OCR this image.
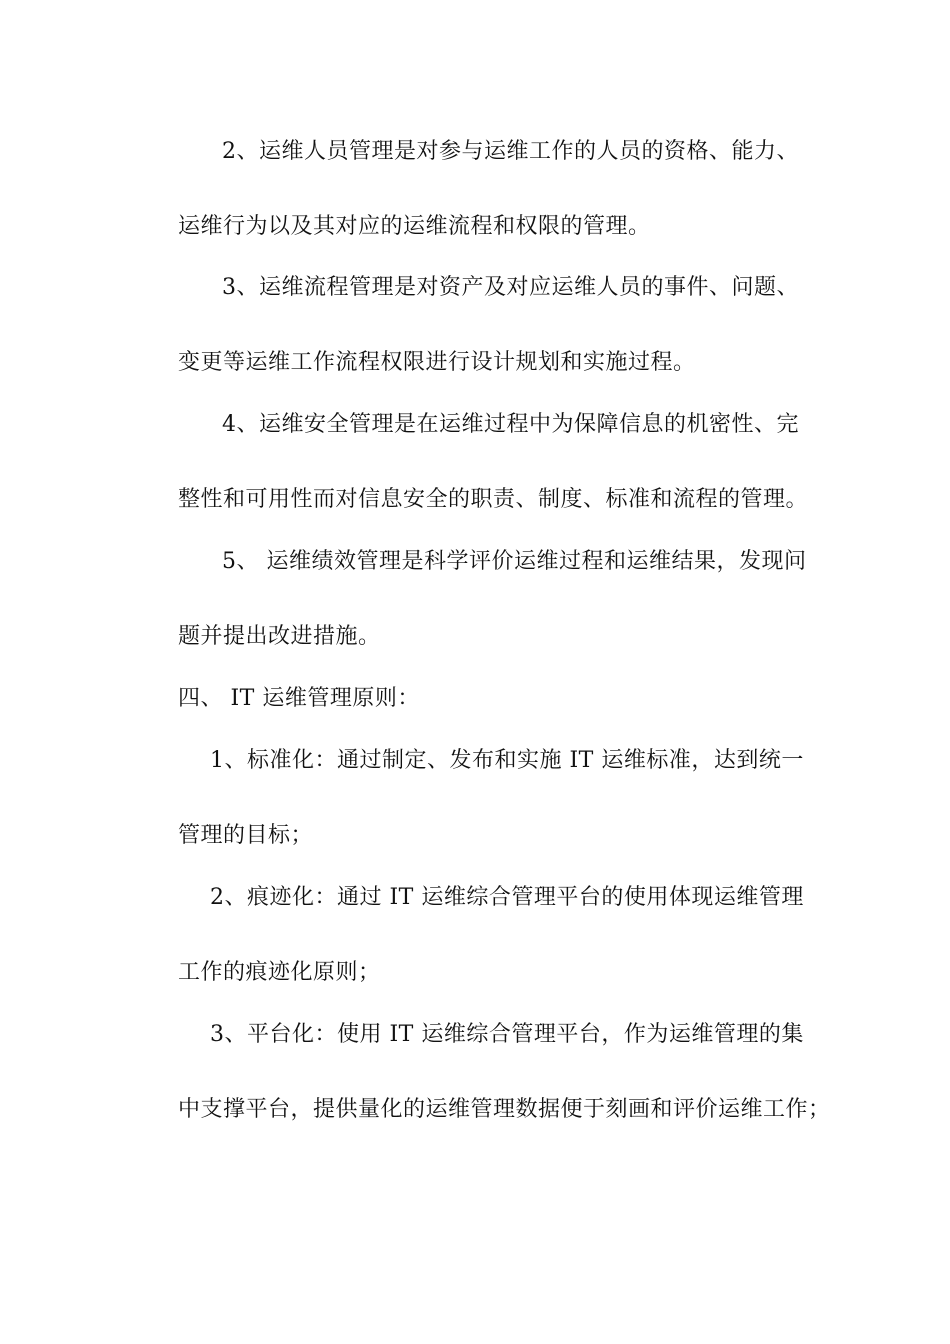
2、运维人员管理是对参与运维工作的人员的资格、能力、
运维行为以及其对应的运维流程和权限的管理。
3、运维流程管理是对资产及对应运维人员的事件、问题、
变更等运维工作流程权限进行设计规划和实施过程。
4、运维安全管理是在运维过程中为保障信息的机密性、完
整性和可用性而对信息安全的职责、制度、标准和流程的管理。
5、 运维绩效管理是科学评价运维过程和运维结果，发现问
题并提出改进措施。
四、 IT 运维管理原则：
1、标准化：通过制定、发布和实施 IT 运维标准，达到统一
管理的目标；
2、痕迹化：通过 IT 运维综合管理平台的使用体现运维管理
工作的痕迹化原则；
3、平台化：使用 IT 运维综合管理平台，作为运维管理的集
中支撑平台，提供量化的运维管理数据便于刻画和评价运维工作；
